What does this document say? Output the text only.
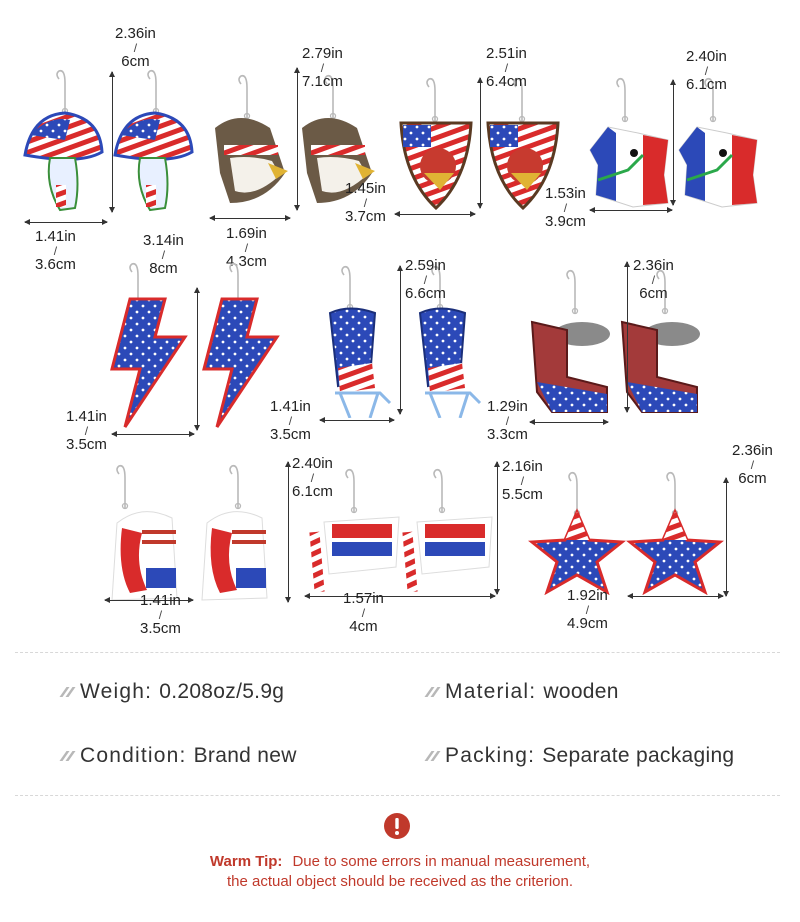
2.36in
/
6cm
1.41in
/
3.6cm
2.79in
/
7.1cm
1.69in
/
4.3cm
2.51in
/
6.4cm
1.45in
/
3.7cm
2.40in
/
6.1cm
1.53in
/
3.9cm
3.14in
/
8cm
1.41in
/
3.5cm
2.59in
/
6.6cm
1.41in
/
3.5cm
2.36in
/
6cm
1.29in
/
3.3cm
2.40in
/
6.1cm
1.41in
/
3.5cm
2.16in
/
5.5cm
1.57in
/
4cm
2.36in
/
6cm
1.92in
/
4.9cm
Weigh: 0.208oz/5.9g	Material: wooden
Condition: Brand new	Packing: Separate packaging
Warm Tip: Due to some errors in manual measurement,
the actual object should be received as the criterion.
